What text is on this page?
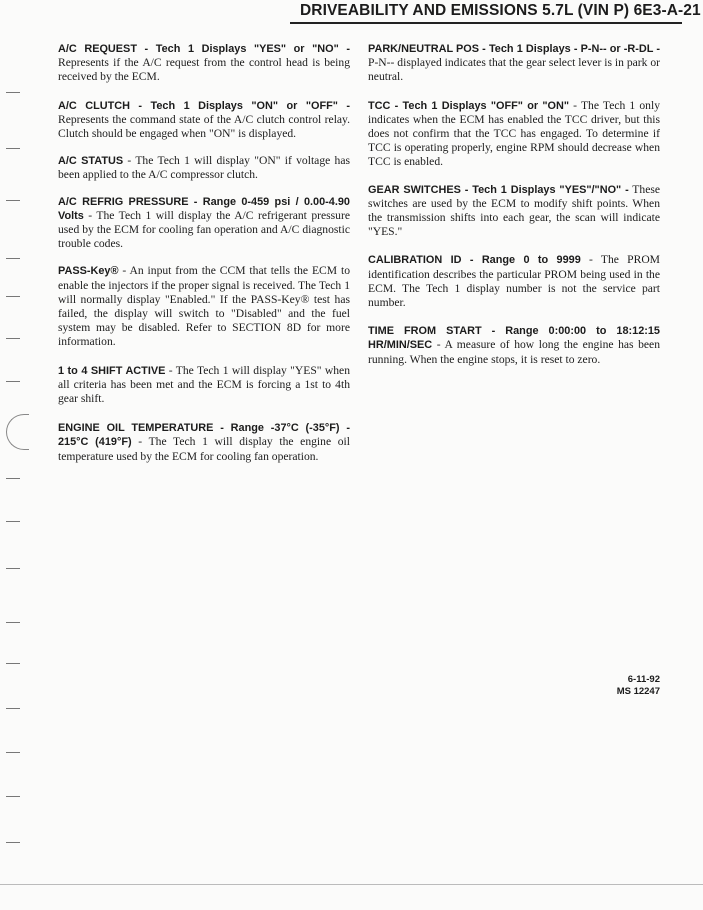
DRIVEABILITY AND EMISSIONS 5.7L (VIN P) 6E3-A-21

A/C REQUEST - Tech 1 Displays "YES" or "NO" - Represents if the A/C request from the control head is being received by the ECM.

A/C CLUTCH - Tech 1 Displays "ON" or "OFF" - Represents the command state of the A/C clutch control relay. Clutch should be engaged when "ON" is displayed.

A/C STATUS - The Tech 1 will display "ON" if voltage has been applied to the A/C compressor clutch.

A/C REFRIG PRESSURE - Range 0-459 psi / 0.00-4.90 Volts - The Tech 1 will display the A/C refrigerant pressure used by the ECM for cooling fan operation and A/C diagnostic trouble codes.

PASS-Key® - An input from the CCM that tells the ECM to enable the injectors if the proper signal is received. The Tech 1 will normally display "Enabled." If the PASS-Key® test has failed, the display will switch to "Disabled" and the fuel system may be disabled. Refer to SECTION 8D for more information.

1 to 4 SHIFT ACTIVE - The Tech 1 will display "YES" when all criteria has been met and the ECM is forcing a 1st to 4th gear shift.

ENGINE OIL TEMPERATURE - Range -37°C (-35°F) - 215°C (419°F) - The Tech 1 will display the engine oil temperature used by the ECM for cooling fan operation.

PARK/NEUTRAL POS - Tech 1 Displays - P-N-- or -R-DL - P-N-- displayed indicates that the gear select lever is in park or neutral.

TCC - Tech 1 Displays "OFF" or "ON" - The Tech 1 only indicates when the ECM has enabled the TCC driver, but this does not confirm that the TCC has engaged. To determine if TCC is operating properly, engine RPM should decrease when TCC is enabled.

GEAR SWITCHES - Tech 1 Displays "YES"/"NO" - These switches are used by the ECM to modify shift points. When the transmission shifts into each gear, the scan will indicate "YES."

CALIBRATION ID - Range 0 to 9999 - The PROM identification describes the particular PROM being used in the ECM. The Tech 1 display number is not the service part number.

TIME FROM START - Range 0:00:00 to 18:12:15 HR/MIN/SEC - A measure of how long the engine has been running. When the engine stops, it is reset to zero.

6-11-92
MS 12247
